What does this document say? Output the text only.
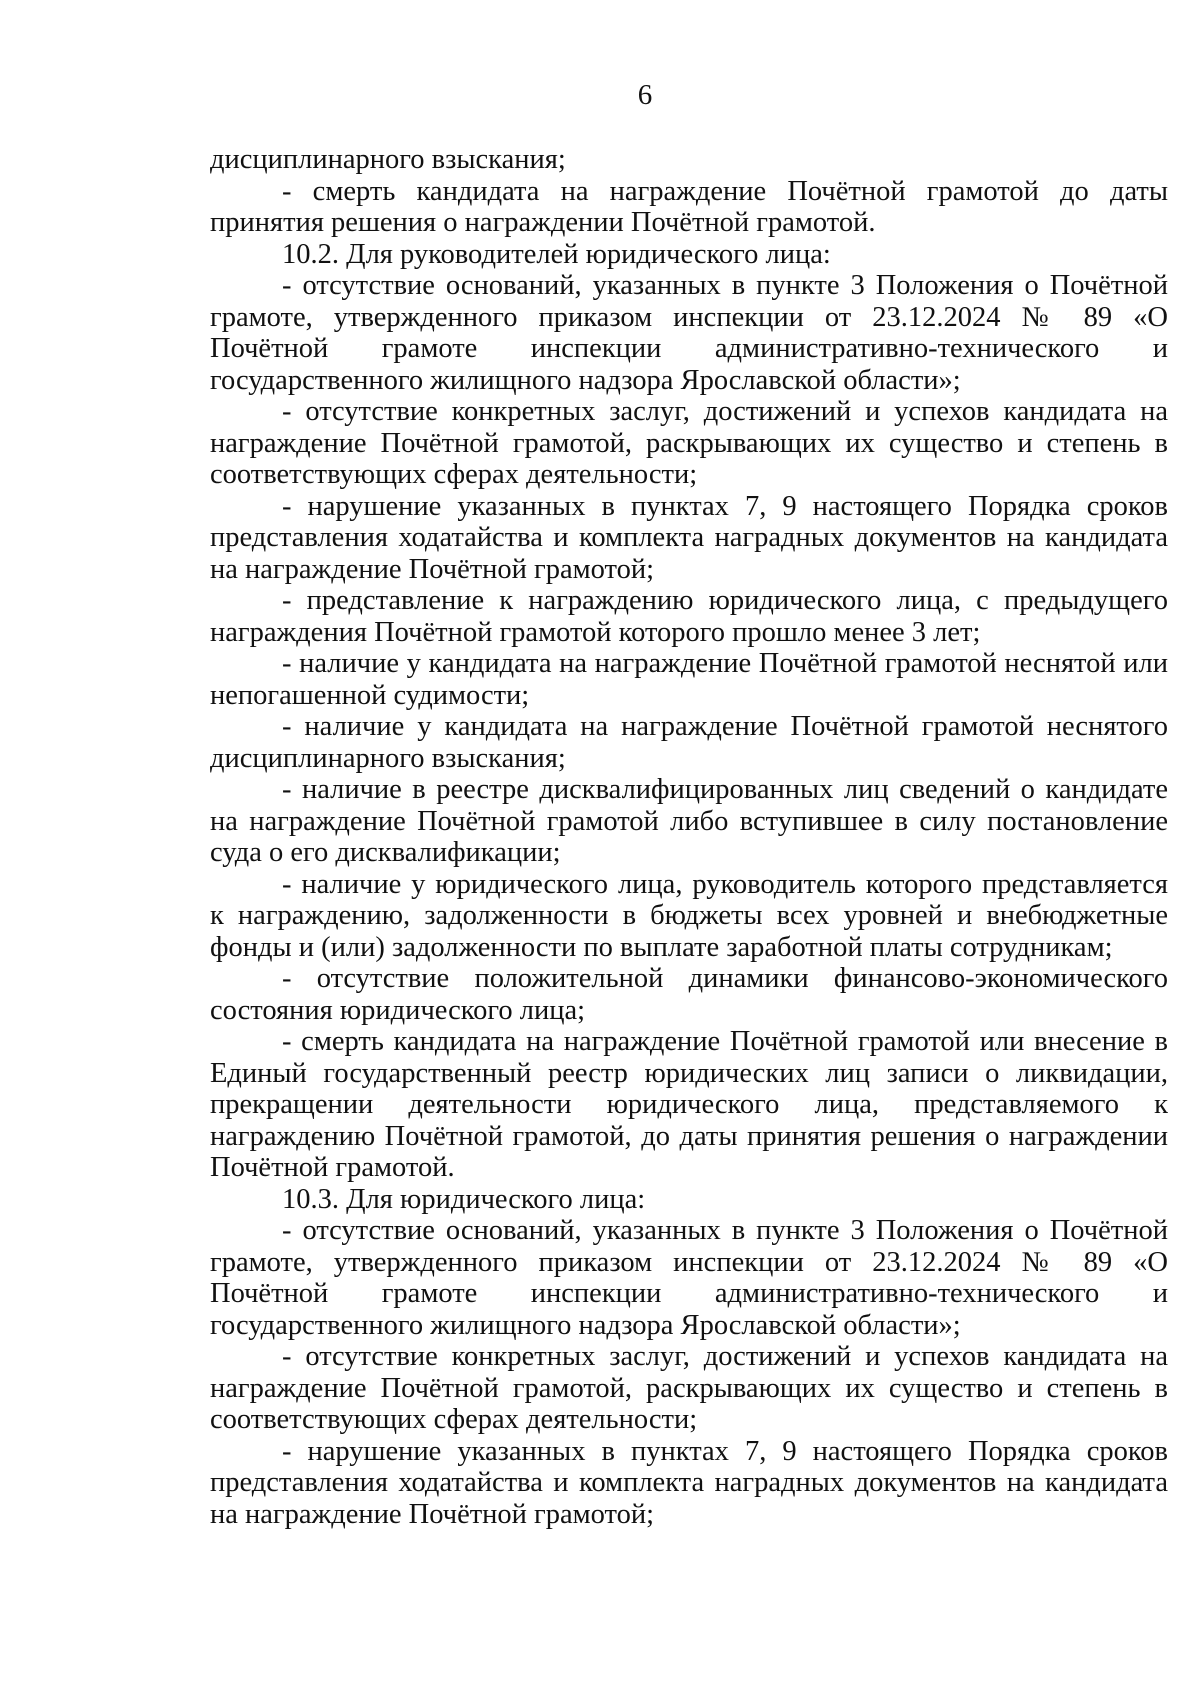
6

дисциплинарного взыскания;

- смерть кандидата на награждение Почётной грамотой до даты принятия решения о награждении Почётной грамотой.

10.2. Для руководителей юридического лица:

- отсутствие оснований, указанных в пункте 3 Положения о Почётной грамоте, утвержденного приказом инспекции от 23.12.2024 № 89 «О Почётной грамоте инспекции административно-технического и государственного жилищного надзора Ярославской области»;

- отсутствие конкретных заслуг, достижений и успехов кандидата на награждение Почётной грамотой, раскрывающих их существо и степень в соответствующих сферах деятельности;

- нарушение указанных в пунктах 7, 9 настоящего Порядка сроков представления ходатайства и комплекта наградных документов на кандидата на награждение Почётной грамотой;

- представление к награждению юридического лица, с предыдущего награждения Почётной грамотой которого прошло менее 3 лет;

- наличие у кандидата на награждение Почётной грамотой неснятой или непогашенной судимости;

- наличие у кандидата на награждение Почётной грамотой неснятого дисциплинарного взыскания;

- наличие в реестре дисквалифицированных лиц сведений о кандидате на награждение Почётной грамотой либо вступившее в силу постановление суда о его дисквалификации;

- наличие у юридического лица, руководитель которого представляется к награждению, задолженности в бюджеты всех уровней и внебюджетные фонды и (или) задолженности по выплате заработной платы сотрудникам;

- отсутствие положительной динамики финансово-экономического состояния юридического лица;

- смерть кандидата на награждение Почётной грамотой или внесение в Единый государственный реестр юридических лиц записи о ликвидации, прекращении деятельности юридического лица, представляемого к награждению Почётной грамотой, до даты принятия решения о награждении Почётной грамотой.

10.3. Для юридического лица:

- отсутствие оснований, указанных в пункте 3 Положения о Почётной грамоте, утвержденного приказом инспекции от 23.12.2024 № 89 «О Почётной грамоте инспекции административно-технического и государственного жилищного надзора Ярославской области»;

- отсутствие конкретных заслуг, достижений и успехов кандидата на награждение Почётной грамотой, раскрывающих их существо и степень в соответствующих сферах деятельности;

- нарушение указанных в пунктах 7, 9 настоящего Порядка сроков представления ходатайства и комплекта наградных документов на кандидата на награждение Почётной грамотой;
